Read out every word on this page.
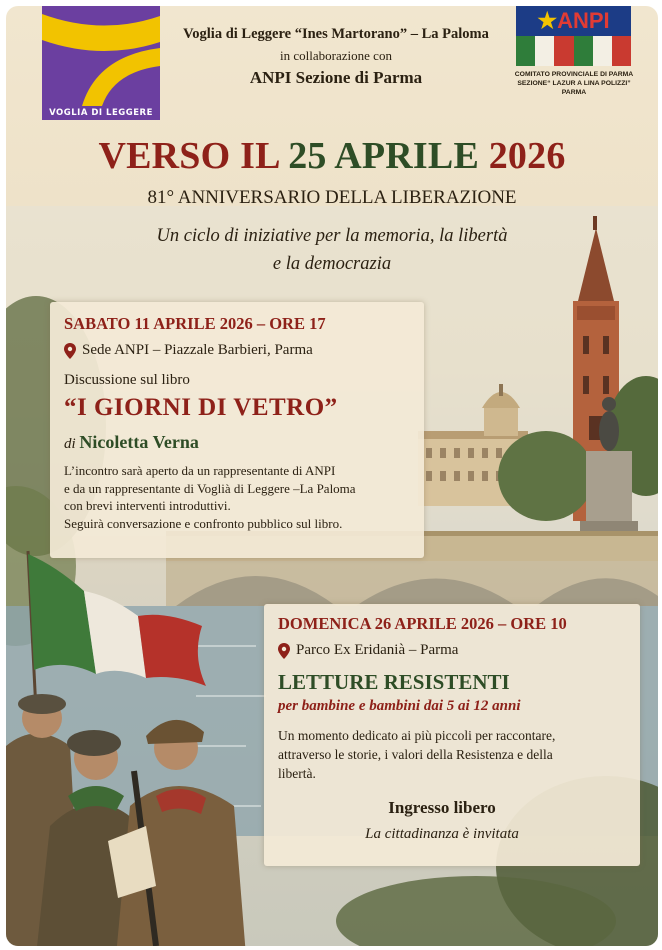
VOGLIA DI LEGGERE
Voglia di Leggere “Ines Martorano” – La Paloma
in collaborazione con
ANPI Sezione di Parma
★ANPI
COMITATO PROVINCIALE DI PARMA
SEZIONE“ LAZUR A LINA POLIZZI”
PARMA
VERSO IL 25 APRILE 2026
81° ANNIVERSARIO DELLA LIBERAZIONE
Un ciclo di iniziative per la memoria, la libertà
e la democrazia
SABATO 11 APRILE 2026 – ORE 17
Sede ANPI – Piazzale Barbieri, Parma
Discussione sul libro
“I GIORNI DI VETRO”
di Nicoletta Verna
L’incontro sarà aperto da un rappresentante di ANPI
e da un rappresentante di Voglià di Leggere –La Paloma
con brevi interventi introduttivi.
Seguirà conversazione e confronto pubblico sul libro.
DOMENICA 26 APRILE 2026 – ORE 10
Parco Ex Eridanià – Parma
LETTURE RESISTENTI
per bambine e bambini dai 5 ai 12 anni
Un momento dedicato ai più piccoli per raccontare,
attraverso le storie, i valori della Resistenza e della
libertà.
Ingresso libero
La cittadinanza è invitata
